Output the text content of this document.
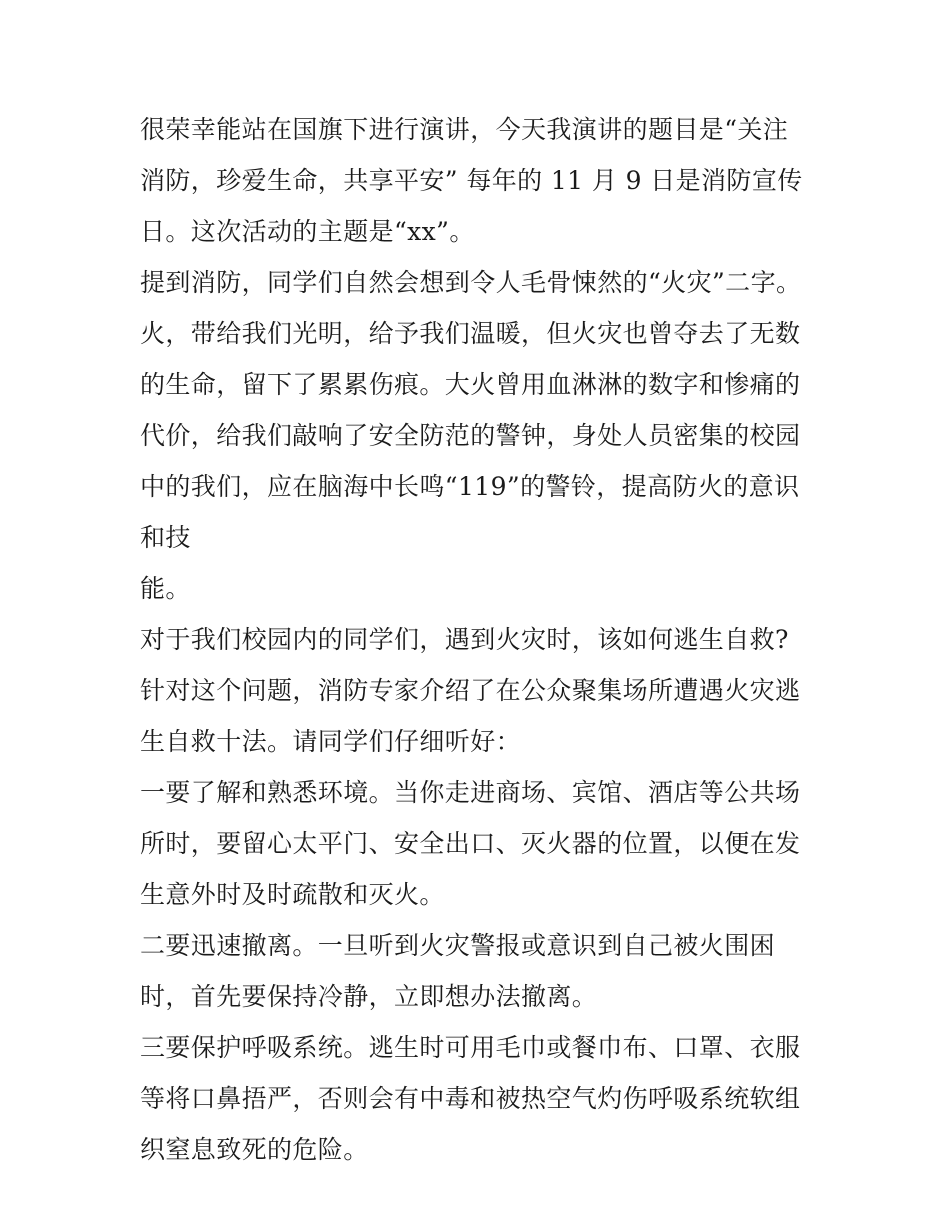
很荣幸能站在国旗下进行演讲，今天我演讲的题目是“关注消防，珍爱生命，共享平安” 每年的 11 月 9 日是消防宣传日。这次活动的主题是“xx”。

提到消防，同学们自然会想到令人毛骨悚然的“火灾”二字。

火，带给我们光明，给予我们温暖，但火灾也曾夺去了无数的生命，留下了累累伤痕。大火曾用血淋淋的数字和惨痛的代价，给我们敲响了安全防范的警钟，身处人员密集的校园中的我们，应在脑海中长鸣“119”的警铃，提高防火的意识和技
能。

对于我们校园内的同学们，遇到火灾时，该如何逃生自救?针对这个问题，消防专家介绍了在公众聚集场所遭遇火灾逃生自救十法。请同学们仔细听好：

一要了解和熟悉环境。当你走进商场、宾馆、酒店等公共场所时，要留心太平门、安全出口、灭火器的位置，以便在发生意外时及时疏散和灭火。

二要迅速撤离。一旦听到火灾警报或意识到自己被火围困时，首先要保持冷静，立即想办法撤离。

三要保护呼吸系统。逃生时可用毛巾或餐巾布、口罩、衣服等将口鼻捂严，否则会有中毒和被热空气灼伤呼吸系统软组织窒息致死的危险。
